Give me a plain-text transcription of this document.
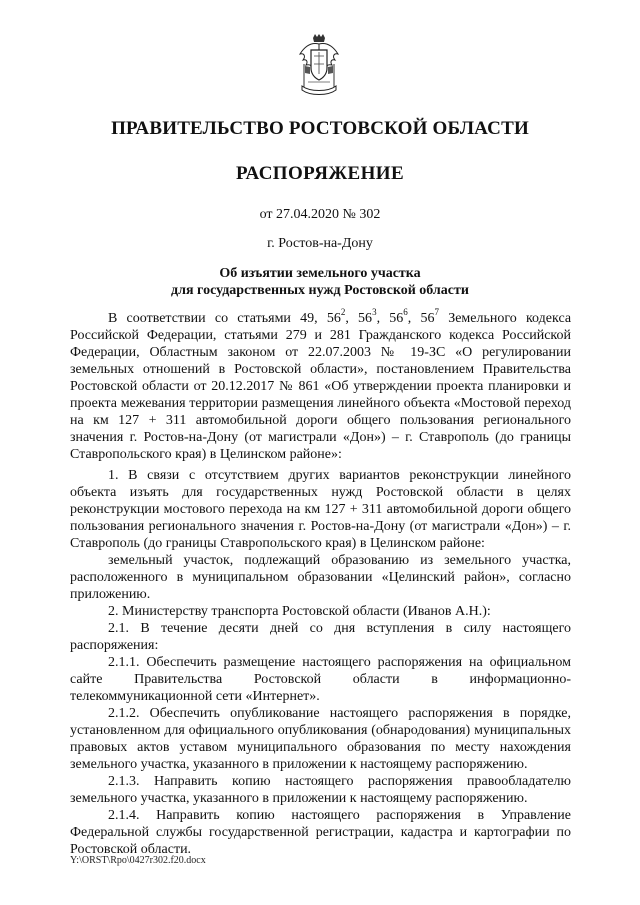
ПРАВИТЕЛЬСТВО РОСТОВСКОЙ ОБЛАСТИ
РАСПОРЯЖЕНИЕ
от 27.04.2020 № 302
г. Ростов-на-Дону
Об изъятии земельного участка
для государственных нужд Ростовской области

В соответствии со статьями 49, $56^2$, $56^3$, $56^6$, $56^7$ Земельного кодекса Российской Федерации, статьями 279 и 281 Гражданского кодекса Российской Федерации, Областным законом от 22.07.2003 № 19-ЗС «О регулировании земельных отношений в Ростовской области», постановлением Правительства Ростовской области от 20.12.2017 № 861 «Об утверждении проекта планировки и проекта межевания территории размещения линейного объекта «Мостовой переход на км 127 + 311 автомобильной дороги общего пользования регионального значения г. Ростов-на-Дону (от магистрали «Дон») – г. Ставрополь (до границы Ставропольского края) в Целинском районе»:

1. В связи с отсутствием других вариантов реконструкции линейного объекта изъять для государственных нужд Ростовской области в целях реконструкции мостового перехода на км 127 + 311 автомобильной дороги общего пользования регионального значения г. Ростов-на-Дону (от магистрали «Дон») – г. Ставрополь (до границы Ставропольского края) в Целинском районе:

земельный участок, подлежащий образованию из земельного участка, расположенного в муниципальном образовании «Целинский район», согласно приложению.

2. Министерству транспорта Ростовской области (Иванов А.Н.):

2.1. В течение десяти дней со дня вступления в силу настоящего распоряжения:

2.1.1. Обеспечить размещение настоящего распоряжения на официальном сайте Правительства Ростовской области в информационно-телекоммуникационной сети «Интернет».

2.1.2. Обеспечить опубликование настоящего распоряжения в порядке, установленном для официального опубликования (обнародования) муниципальных правовых актов уставом муниципального образования по месту нахождения земельного участка, указанного в приложении к настоящему распоряжению.

2.1.3. Направить копию настоящего распоряжения правообладателю земельного участка, указанного в приложении к настоящему распоряжению.

2.1.4. Направить копию настоящего распоряжения в Управление Федеральной службы государственной регистрации, кадастра и картографии по Ростовской области.

Y:\ORST\Rpo\0427r302.f20.docx
